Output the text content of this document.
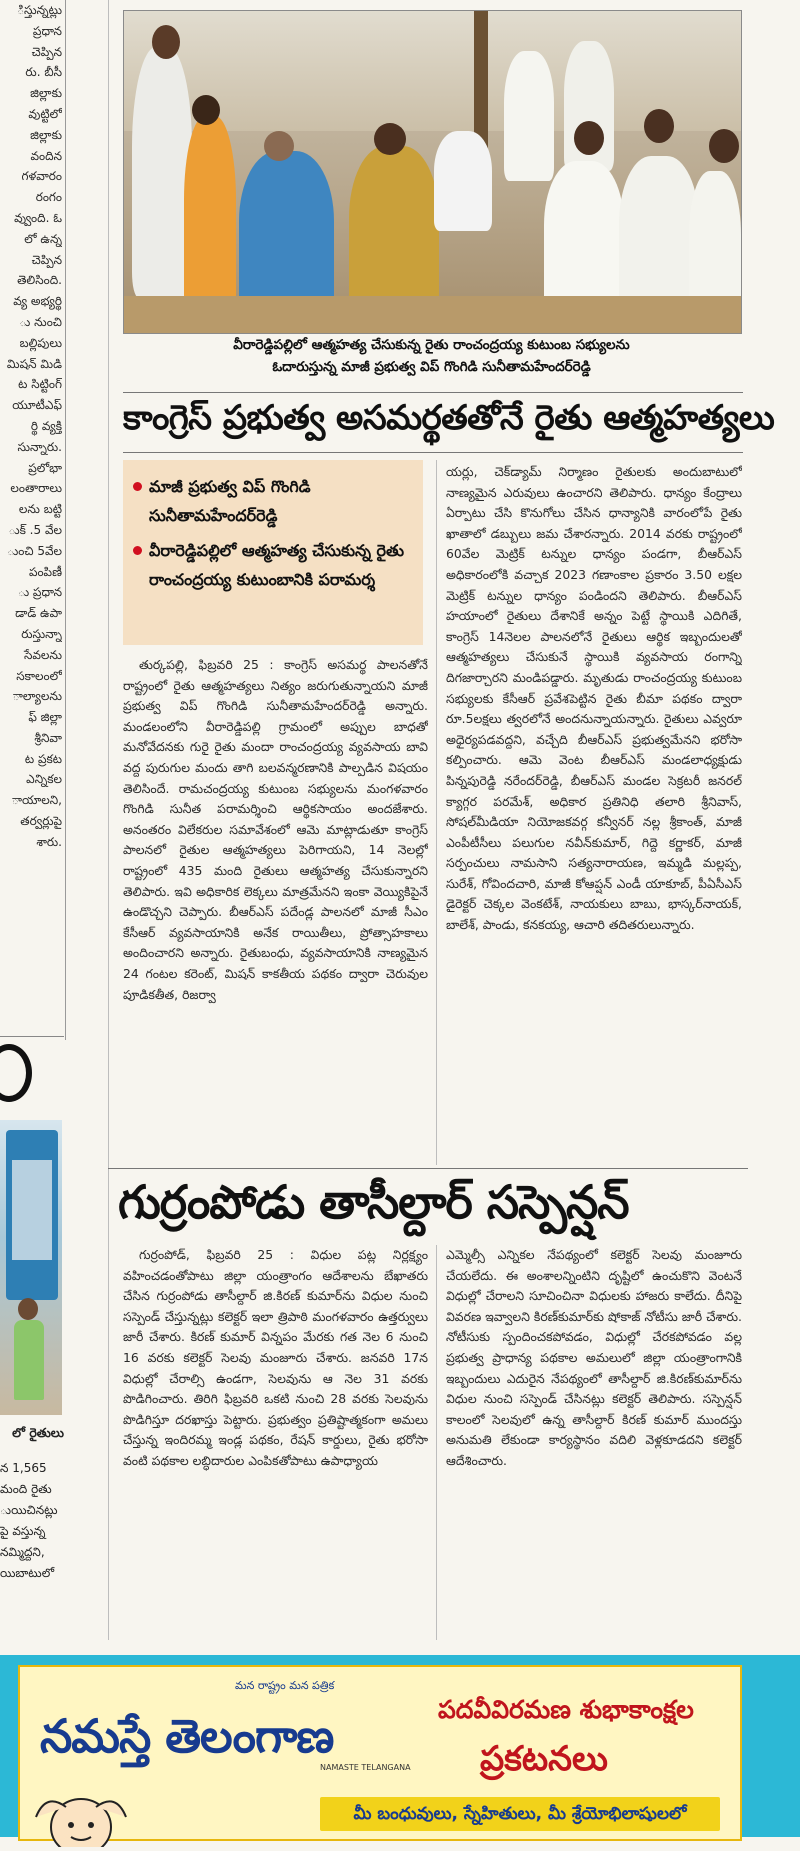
ిస్తున్నట్లు
ప్రధాన
చెప్పిన
రు. బీసీ
జిల్లాకు
వుట్టిలో
జిల్లాకు
వందిన
గళవారం
రంగం
వ్వుంది. ఓ
లో ఉన్న
చెప్పిన
తెలిసింది.
వ్య అభ్యర్థి
ు నుంచి
బల్లిపులు
మిషన్ మిడి
ట సిట్టింగ్
యూటీఎఫ్
ర్థి వ్యక్తి
సున్నారు.
ప్రలోభా
లంతారాలు
లను బట్టి
ుక్ .5 వేల
ుంచి 5వేల
పంపిణీ
ు ప్రధాన
డాడ్ ఉపా
రుస్తున్నా
సేవలను
సకాలంలో
ాల్యాలను
ఫ్ జిల్లా
శ్రీనివా
ట ప్రకట
ఎన్నికల
ాయాలని,
తర్వర్లుపై
శారు.
లో రైతులు
న 1,565
మంది రైతు
ుయిచినట్లు
పై వస్తున్న
నమ్మిద్దని,
యిబాటులో
వీరారెడ్డిపల్లిలో ఆత్మహత్య చేసుకున్న రైతు రాంచంద్రయ్య కుటుంబ సభ్యులను
ఓదారుస్తున్న మాజీ ప్రభుత్వ విప్ గొంగిడి సునీతామహేందర్‌రెడ్డి
కాంగ్రెస్ ప్రభుత్వ అసమర్థతతోనే రైతు ఆత్మహత్యలు
మాజీ ప్రభుత్వ విప్ గొంగిడి సునీతామహేందర్‌రెడ్డి
వీరారెడ్డిపల్లిలో ఆత్మహత్య చేసుకున్న రైతు రాంచంద్రయ్య కుటుంబానికి పరామర్శ

తుర్కపల్లి, ఫిబ్రవరి 25 : కాంగ్రెస్ అసమర్థ పాలనతోనే రాష్ట్రంలో రైతు ఆత్మహత్యలు నిత్యం జరుగుతున్నాయని మాజీ ప్రభుత్వ విప్ గొంగిడి సునీతామహేందర్‌రెడ్డి అన్నారు. మండలంలోని వీరారెడ్డిపల్లి గ్రామంలో అప్పుల బాధతో మనోవేదనకు గురై రైతు మందా రాంచంద్రయ్య వ్యవసాయ బావి వద్ద పురుగుల మందు తాగి బలవన్మరణానికి పాల్పడిన విషయం తెలిసిందే. రామచంద్రయ్య కుటుంబ సభ్యులను మంగళవారం గొంగిడి సునీత పరామర్శించి ఆర్థికసాయం అందజేశారు. అనంతరం విలేకరుల సమావేశంలో ఆమె మాట్లాడుతూ కాంగ్రెస్ పాలనలో రైతుల ఆత్మహత్యలు పెరిగాయని, 14 నెలల్లో రాష్ట్రంలో 435 మంది రైతులు ఆత్మహత్య చేసుకున్నారని తెలిపారు. ఇవి అధికారిక లెక్కలు మాత్రమేనని ఇంకా వెయ్యికిపైనే ఉండొచ్చని చెప్పారు. బీఆర్‌ఎస్ పదేండ్ల పాలనలో మాజీ సీఎం కేసీఆర్ వ్యవసాయానికి అనేక రాయితీలు, ప్రోత్సాహకాలు అందించారని అన్నారు. రైతుబంధు, వ్యవసాయానికి నాణ్యమైన 24 గంటల కరెంట్, మిషన్ కాకతీయ పథకం ద్వారా చెరువుల పూడికతీత, రిజర్వా

యర్లు, చెక్‌డ్యామ్ నిర్మాణం రైతులకు అందుబాటులో నాణ్యమైన ఎరువులు ఉంచారని తెలిపారు. ధాన్యం కేంద్రాలు ఏర్పాటు చేసి కొనుగోలు చేసిన ధాన్యానికి వారంలోపే రైతు ఖాతాలో డబ్బులు జమ చేశారన్నారు. 2014 వరకు రాష్ట్రంలో 60వేల మెట్రిక్ టన్నుల ధాన్యం పండగా, బీఆర్‌ఎస్ అధికారంలోకి వచ్చాక 2023 గణాంకాల ప్రకారం 3.50 లక్షల మెట్రిక్ టన్నుల ధాన్యం పండిందని తెలిపారు. బీఆర్‌ఎస్ హయాంలో రైతులు దేశానికే అన్నం పెట్టే స్థాయికి ఎదిగితే, కాంగ్రెస్ 14నెలల పాలనలోనే రైతులు ఆర్థిక ఇబ్బందులతో ఆత్మహత్యలు చేసుకునే స్థాయికి వ్యవసాయ రంగాన్ని దిగజార్చారని మండిపడ్డారు. మృతుడు రాంచంద్రయ్య కుటుంబ సభ్యులకు కేసీఆర్ ప్రవేశపెట్టిన రైతు బీమా పథకం ద్వారా రూ.5లక్షలు త్వరలోనే అందనున్నాయన్నారు. రైతులు ఎవ్వరూ అధైర్యపడవద్దని, వచ్చేది బీఆర్‌ఎస్ ప్రభుత్వమేనని భరోసా కల్పించారు. ఆమె వెంట బీఆర్‌ఎస్ మండలాధ్యక్షుడు పిన్నపురెడ్డి నరేందర్‌రెడ్డి, బీఆర్‌ఎస్ మండల సెక్రటరీ జనరల్ క్యాగ్గర పరమేశ్, అధికార ప్రతినిధి తలారి శ్రీనివాస్, సోషల్‌మీడియా నియోజకవర్గ కన్వీనర్ నల్ల శ్రీకాంత్, మాజీ ఎంపీటీసీలు పలుగుల నవీన్‌కుమార్, గిద్దె కర్ణాకర్, మాజీ సర్పంచులు నామసాని సత్యనారాయణ, ఇమ్మడి మల్లప్ప, సురేశ్, గోవిందచారి, మాజీ కోఆప్షన్ ఎండీ యాకూబ్, పీఏసీఎస్ డైరెక్టర్ చెక్కల వెంకటేశ్, నాయకులు బాబు, భాస్కర్‌నాయక్, బాలేశ్, పాండు, కనకయ్య, ఆచారి తదితరులున్నారు.

గుర్రంపోడు తాసీల్దార్ సస్పెన్షన్

గుర్రంపోడ్, ఫిబ్రవరి 25 : విధుల పట్ల నిర్లక్ష్యం వహించడంతోపాటు జిల్లా యంత్రాంగం ఆదేశాలను బేఖాతరు చేసిన గుర్రంపోడు తాసీల్దార్ జి.కిరణ్ కుమార్‌ను విధుల నుంచి సస్పెండ్ చేస్తున్నట్లు కలెక్టర్ ఇలా త్రిపాఠి మంగళవారం ఉత్తర్వులు జారీ చేశారు. కిరణ్ కుమార్ విన్నపం మేరకు గత నెల 6 నుంచి 16 వరకు కలెక్టర్ సెలవు మంజూరు చేశారు. జనవరి 17న విధుల్లో చేరాల్సి ఉండగా, సెలవును ఆ నెల 31 వరకు పొడిగించారు. తిరిగి ఫిబ్రవరి ఒకటి నుంచి 28 వరకు సెలవును పొడిగిస్తూ దరఖాస్తు పెట్టారు. ప్రభుత్వం ప్రతిష్టాత్మకంగా అమలు చేస్తున్న ఇందిరమ్మ ఇండ్ల పథకం, రేషన్ కార్డులు, రైతు భరోసా వంటి పథకాల లబ్ధిదారుల ఎంపికతోపాటు ఉపాధ్యాయ

ఎమ్మెల్సీ ఎన్నికల నేపథ్యంలో కలెక్టర్ సెలవు మంజూరు చేయలేదు. ఈ అంశాలన్నింటిని దృష్టిలో ఉంచుకొని వెంటనే విధుల్లో చేరాలని సూచించినా విధులకు హాజరు కాలేదు. దీనిపై వివరణ ఇవ్వాలని కిరణ్‌కుమార్‌కు షోకాజ్ నోటీసు జారీ చేశారు. నోటీసుకు స్పందించకపోవడం, విధుల్లో చేరకపోవడం వల్ల ప్రభుత్వ ప్రాధాన్య పథకాల అమలులో జిల్లా యంత్రాంగానికి ఇబ్బందులు ఎదురైన నేపథ్యంలో తాసీల్దార్ జి.కిరణ్‌కుమార్‌ను విధుల నుంచి సస్పెండ్ చేసినట్లు కలెక్టర్ తెలిపారు. సస్పెన్షన్ కాలంలో సెలవులో ఉన్న తాసీల్దార్ కిరణ్ కుమార్ ముందస్తు అనుమతి లేకుండా కార్యస్థానం వదిలి వెళ్లకూడదని కలెక్టర్ ఆదేశించారు.

మన రాష్ట్రం మన పత్రిక
నమస్తే తెలంగాణ
NAMASTE TELANGANA
పదవీవిరమణ శుభాకాంక్షల
ప్రకటనలు
మీ బంధువులు, స్నేహితులు, మీ శ్రేయోభిలాషులలో
